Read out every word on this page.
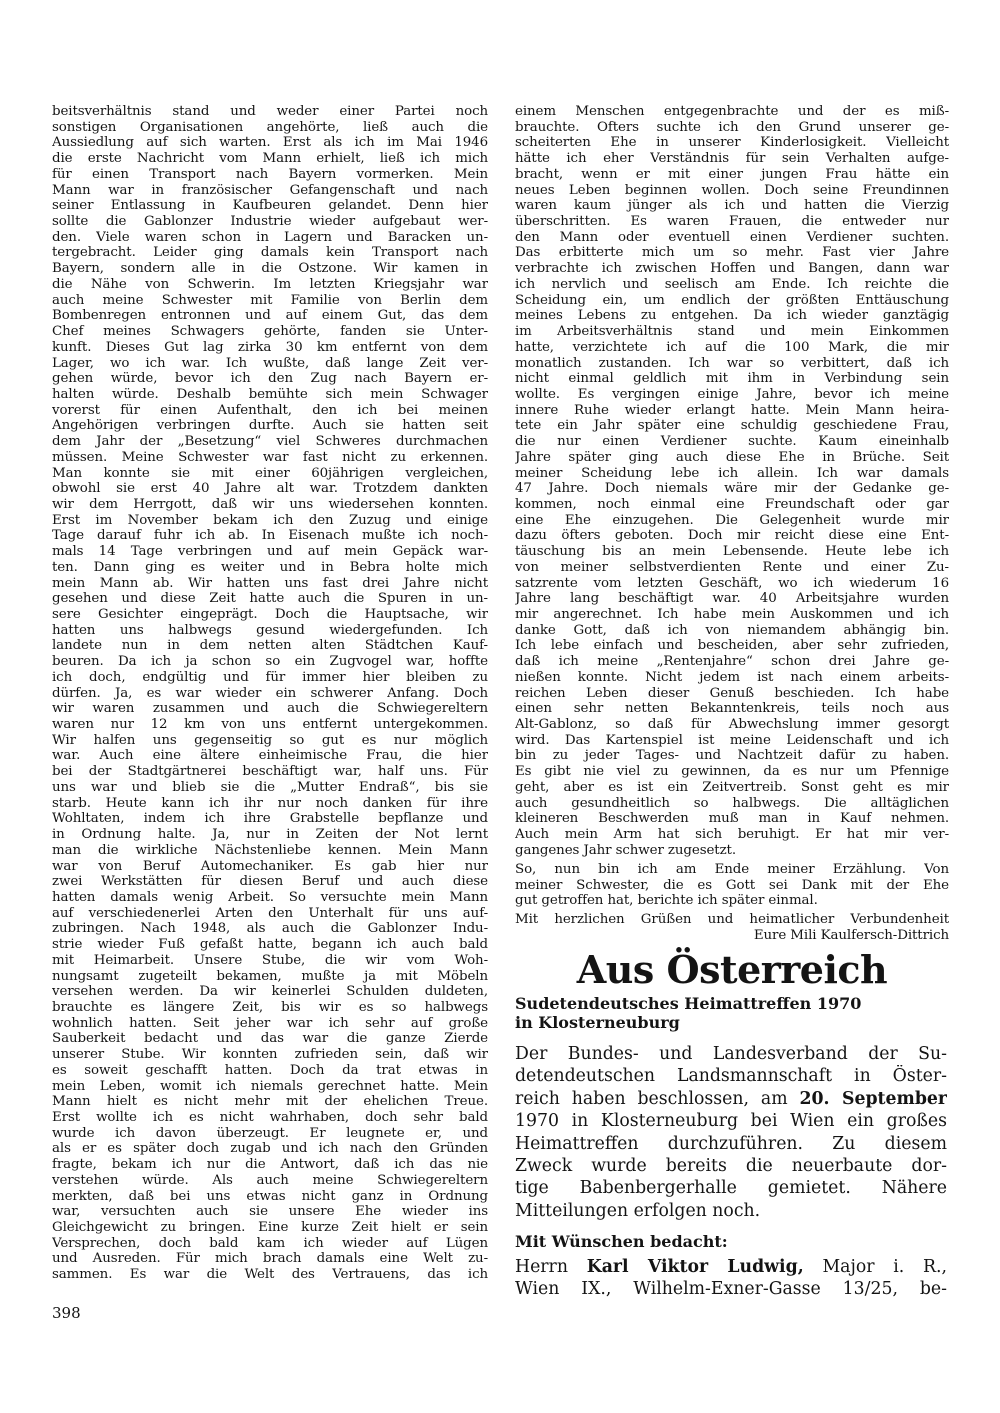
beitsverhältnis stand und weder einer Partei noch
sonstigen Organisationen angehörte, ließ auch die
Aussiedlung auf sich warten. Erst als ich im Mai 1946
die erste Nachricht vom Mann erhielt, ließ ich mich
für einen Transport nach Bayern vormerken. Mein
Mann war in französischer Gefangenschaft und nach
seiner Entlassung in Kaufbeuren gelandet. Denn hier
sollte die Gablonzer Industrie wieder aufgebaut wer-
den. Viele waren schon in Lagern und Baracken un-
tergebracht. Leider ging damals kein Transport nach
Bayern, sondern alle in die Ostzone. Wir kamen in
die Nähe von Schwerin. Im letzten Kriegsjahr war
auch meine Schwester mit Familie von Berlin dem
Bombenregen entronnen und auf einem Gut, das dem
Chef meines Schwagers gehörte, fanden sie Unter-
kunft. Dieses Gut lag zirka 30 km entfernt von dem
Lager, wo ich war. Ich wußte, daß lange Zeit ver-
gehen würde, bevor ich den Zug nach Bayern er-
halten würde. Deshalb bemühte sich mein Schwager
vorerst für einen Aufenthalt, den ich bei meinen
Angehörigen verbringen durfte. Auch sie hatten seit
dem Jahr der „Besetzung“ viel Schweres durchmachen
müssen. Meine Schwester war fast nicht zu erkennen.
Man konnte sie mit einer 60jährigen vergleichen,
obwohl sie erst 40 Jahre alt war. Trotzdem dankten
wir dem Herrgott, daß wir uns wiedersehen konnten.
Erst im November bekam ich den Zuzug und einige
Tage darauf fuhr ich ab. In Eisenach mußte ich noch-
mals 14 Tage verbringen und auf mein Gepäck war-
ten. Dann ging es weiter und in Bebra holte mich
mein Mann ab. Wir hatten uns fast drei Jahre nicht
gesehen und diese Zeit hatte auch die Spuren in un-
sere Gesichter eingeprägt. Doch die Hauptsache, wir
hatten uns halbwegs gesund wiedergefunden. Ich
landete nun in dem netten alten Städtchen Kauf-
beuren. Da ich ja schon so ein Zugvogel war, hoffte
ich doch, endgültig und für immer hier bleiben zu
dürfen. Ja, es war wieder ein schwerer Anfang. Doch
wir waren zusammen und auch die Schwiegereltern
waren nur 12 km von uns entfernt untergekommen.
Wir halfen uns gegenseitig so gut es nur möglich
war. Auch eine ältere einheimische Frau, die hier
bei der Stadtgärtnerei beschäftigt war, half uns. Für
uns war und blieb sie die „Mutter Endraß“, bis sie
starb. Heute kann ich ihr nur noch danken für ihre
Wohltaten, indem ich ihre Grabstelle bepflanze und
in Ordnung halte. Ja, nur in Zeiten der Not lernt
man die wirkliche Nächstenliebe kennen. Mein Mann
war von Beruf Automechaniker. Es gab hier nur
zwei Werkstätten für diesen Beruf und auch diese
hatten damals wenig Arbeit. So versuchte mein Mann
auf verschiedenerlei Arten den Unterhalt für uns auf-
zubringen. Nach 1948, als auch die Gablonzer Indu-
strie wieder Fuß gefaßt hatte, begann ich auch bald
mit Heimarbeit. Unsere Stube, die wir vom Woh-
nungsamt zugeteilt bekamen, mußte ja mit Möbeln
versehen werden. Da wir keinerlei Schulden duldeten,
brauchte es längere Zeit, bis wir es so halbwegs
wohnlich hatten. Seit jeher war ich sehr auf große
Sauberkeit bedacht und das war die ganze Zierde
unserer Stube. Wir konnten zufrieden sein, daß wir
es soweit geschafft hatten. Doch da trat etwas in
mein Leben, womit ich niemals gerechnet hatte. Mein
Mann hielt es nicht mehr mit der ehelichen Treue.
Erst wollte ich es nicht wahrhaben, doch sehr bald
wurde ich davon überzeugt. Er leugnete er, und
als er es später doch zugab und ich nach den Gründen
fragte, bekam ich nur die Antwort, daß ich das nie
verstehen würde. Als auch meine Schwiegereltern
merkten, daß bei uns etwas nicht ganz in Ordnung
war, versuchten auch sie unsere Ehe wieder ins
Gleichgewicht zu bringen. Eine kurze Zeit hielt er sein
Versprechen, doch bald kam ich wieder auf Lügen
und Ausreden. Für mich brach damals eine Welt zu-
sammen. Es war die Welt des Vertrauens, das ich
einem Menschen entgegenbrachte und der es miß-
brauchte. Öfters suchte ich den Grund unserer ge-
scheiterten Ehe in unserer Kinderlosigkeit. Vielleicht
hätte ich eher Verständnis für sein Verhalten aufge-
bracht, wenn er mit einer jungen Frau hätte ein
neues Leben beginnen wollen. Doch seine Freundinnen
waren kaum jünger als ich und hatten die Vierzig
überschritten. Es waren Frauen, die entweder nur
den Mann oder eventuell einen Verdiener suchten.
Das erbitterte mich um so mehr. Fast vier Jahre
verbrachte ich zwischen Hoffen und Bangen, dann war
ich nervlich und seelisch am Ende. Ich reichte die
Scheidung ein, um endlich der größten Enttäuschung
meines Lebens zu entgehen. Da ich wieder ganztägig
im Arbeitsverhältnis stand und mein Einkommen
hatte, verzichtete ich auf die 100 Mark, die mir
monatlich zustanden. Ich war so verbittert, daß ich
nicht einmal geldlich mit ihm in Verbindung sein
wollte. Es vergingen einige Jahre, bevor ich meine
innere Ruhe wieder erlangt hatte. Mein Mann heira-
tete ein Jahr später eine schuldig geschiedene Frau,
die nur einen Verdiener suchte. Kaum eineinhalb
Jahre später ging auch diese Ehe in Brüche. Seit
meiner Scheidung lebe ich allein. Ich war damals
47 Jahre. Doch niemals wäre mir der Gedanke ge-
kommen, noch einmal eine Freundschaft oder gar
eine Ehe einzugehen. Die Gelegenheit wurde mir
dazu öfters geboten. Doch mir reicht diese eine Ent-
täuschung bis an mein Lebensende. Heute lebe ich
von meiner selbstverdienten Rente und einer Zu-
satzrente vom letzten Geschäft, wo ich wiederum 16
Jahre lang beschäftigt war. 40 Arbeitsjahre wurden
mir angerechnet. Ich habe mein Auskommen und ich
danke Gott, daß ich von niemandem abhängig bin.
Ich lebe einfach und bescheiden, aber sehr zufrieden,
daß ich meine „Rentenjahre“ schon drei Jahre ge-
nießen konnte. Nicht jedem ist nach einem arbeits-
reichen Leben dieser Genuß beschieden. Ich habe
einen sehr netten Bekanntenkreis, teils noch aus
Alt-Gablonz, so daß für Abwechslung immer gesorgt
wird. Das Kartenspiel ist meine Leidenschaft und ich
bin zu jeder Tages- und Nachtzeit dafür zu haben.
Es gibt nie viel zu gewinnen, da es nur um Pfennige
geht, aber es ist ein Zeitvertreib. Sonst geht es mir
auch gesundheitlich so halbwegs. Die alltäglichen
kleineren Beschwerden muß man in Kauf nehmen.
Auch mein Arm hat sich beruhigt. Er hat mir ver-
gangenes Jahr schwer zugesetzt.
So, nun bin ich am Ende meiner Erzählung. Von
meiner Schwester, die es Gott sei Dank mit der Ehe
gut getroffen hat, berichte ich später einmal.
Mit herzlichen Grüßen und heimatlicher Verbundenheit
Eure Mili Kaulfersch-Dittrich
Aus Österreich
Sudetendeutsches Heimattreffen 1970
in Klosterneuburg
Der Bundes- und Landesverband der Su-
detendeutschen Landsmannschaft in Öster-
reich haben beschlossen, am 20. September
1970 in Klosterneuburg bei Wien ein großes
Heimattreffen durchzuführen. Zu diesem
Zweck wurde bereits die neuerbaute dor-
tige Babenbergerhalle gemietet. Nähere
Mitteilungen erfolgen noch.
Mit Wünschen bedacht:
Herrn Karl Viktor Ludwig, Major i. R.,
Wien IX., Wilhelm-Exner-Gasse 13/25, be-
398
